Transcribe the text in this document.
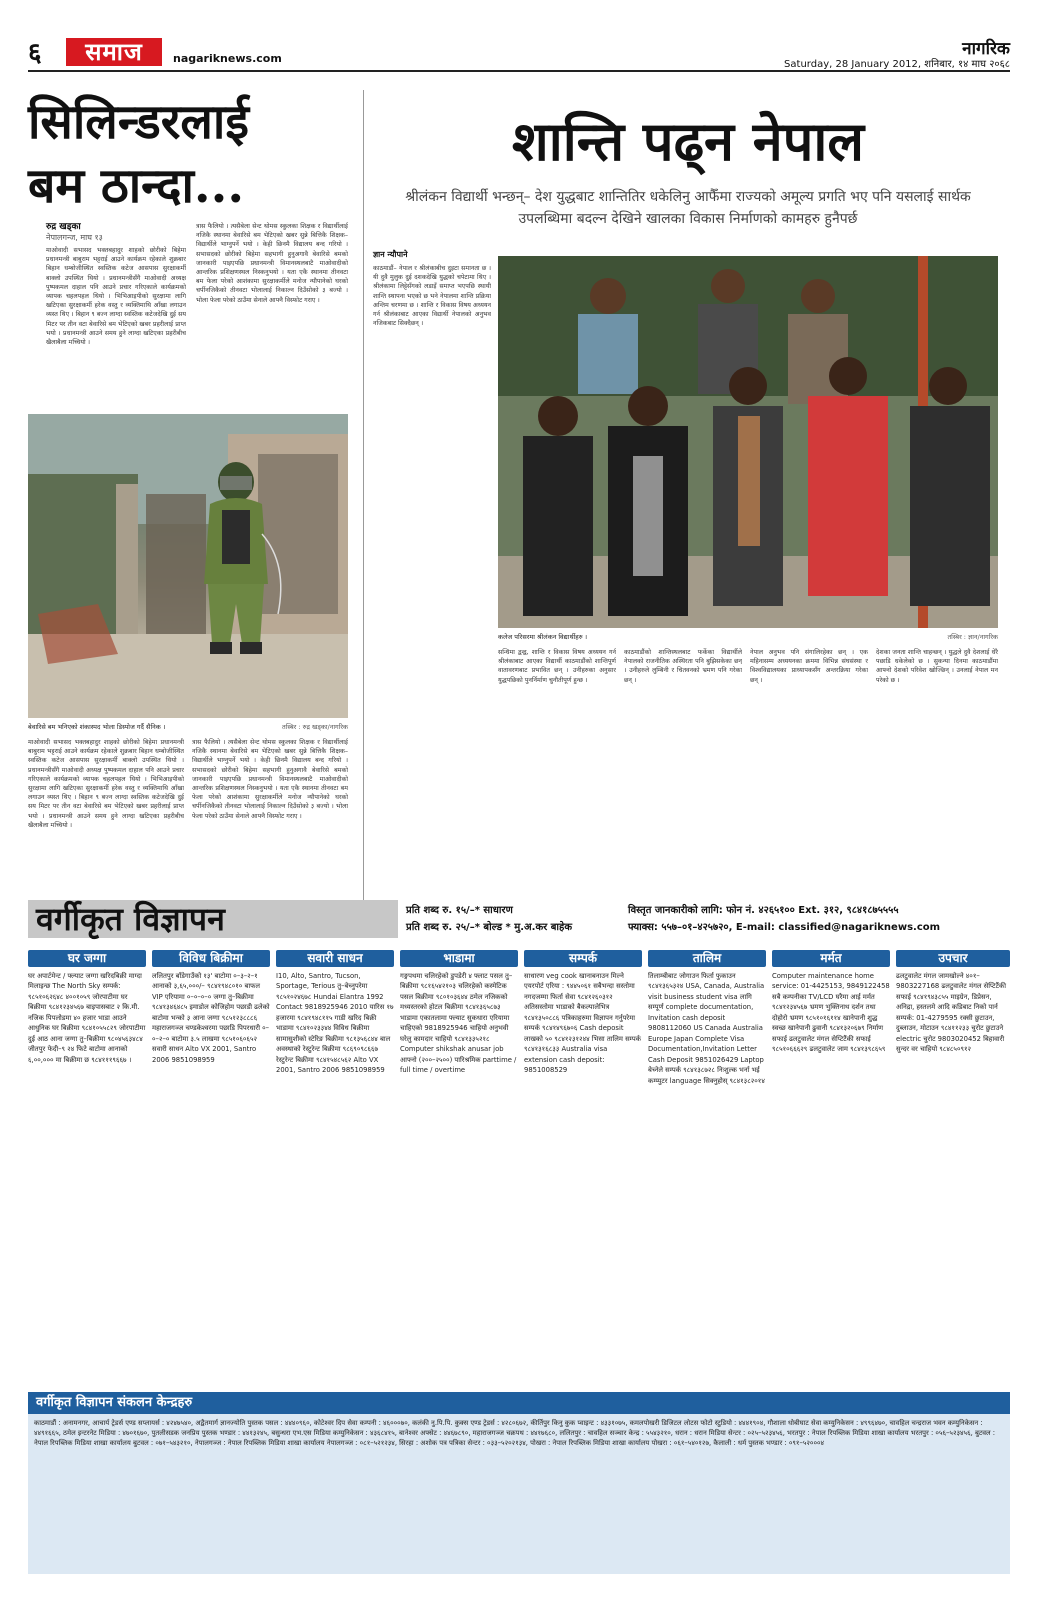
६	समाज	nagariknews.com	नागरिक
Saturday, 28 January 2012, शनिबार, १४ माघ २०६८
सिलिन्डरलाई
बम ठान्दा...
रुद्र खड्का
नेपालगन्ज, माघ १३
माओवादी सभासद भक्तबहादुर शाहको छोरीको बिहेमा प्रधानमन्त्री बाबुराम भट्टराई आउने कार्यक्रम रहेकाले शुक्रबार बिहान धम्बोजीस्थित स्वस्तिक कटेज आसपास सुरक्षाकर्मी बाक्लो उपस्थित थियो । प्रधानमन्त्रीसँगै माओवादी अध्यक्ष पुष्पकमल दाहाल पनि आउने प्रचार गरिएकाले कार्यक्रमको व्यापक चहलपहल थियो । भिभिआइपीको सुरक्षामा लागि खटिएका सुरक्षाकर्मी हरेक वस्तु र व्यक्तिमाथि आँखा लगाउन व्यस्त थिए । बिहान ९ बज्न लाग्दा स्वस्तिक कटेजदेखि दुई सय मिटर पर तीन वटा बेवारिसे बम भेटिएको खबर प्रहरीलाई प्राप्त भयो । प्रधानमन्त्री आउने समय हुने लाग्दा खटिएका प्रहरीबीच खैलाबैला मच्चियो ।
त्रास फैलियो । त्यसैबेला सेन्ट थोमस स्कुलका शिक्षक र विद्यार्थीलाई नजिकै स्थानमा बेवारिसे बम भेटिएको खबर सुन्ने बित्तिकै शिक्षक–विद्यार्थीले भाग्नुपर्ने भयो । केही छिनमै विद्यालय बन्द गरियो । सभासदको छोरीको बिहेमा सहभागी हुनुअगावै बेवारिसे बमको जानकारी पाइएपछि प्रधानमन्त्री विमानस्थलबाटै माओवादीको आन्तरिक प्रशिक्षणस्थल निस्कनुभयो । यता एकै स्थानमा तीनवटा बम फेला परेको आशंकामा सुरक्षाकर्मीले मनोज न्यौपानेको घरको चर्पीनजिकैको तीनवटा भोलालाई निकाल्न दिउँसोको ३ बज्यो । भोला फेला परेको ठाउँमा सेनाले आफ्नै विस्फोट गराए ।
बेवारिसे बम भनिएको शंकास्पद भोला डिस्पोज गर्दै सैनिक ।	तस्बिर : रुद्र खड्का/नागरिक
माओवादी सभासद भक्तबहादुर शाहको छोरीको बिहेमा प्रधानमन्त्री बाबुराम भट्टराई आउने कार्यक्रम रहेकाले शुक्रबार बिहान धम्बोजीस्थित स्वस्तिक कटेज आसपास सुरक्षाकर्मी बाक्लो उपस्थित थियो । प्रधानमन्त्रीसँगै माओवादी अध्यक्ष पुष्पकमल दाहाल पनि आउने प्रचार गरिएकाले कार्यक्रमको व्यापक चहलपहल थियो । भिभिआइपीको सुरक्षामा लागि खटिएका सुरक्षाकर्मी हरेक वस्तु र व्यक्तिमाथि आँखा लगाउन व्यस्त थिए । बिहान ९ बज्न लाग्दा स्वस्तिक कटेजदेखि दुई सय मिटर पर तीन वटा बेवारिसे बम भेटिएको खबर प्रहरीलाई प्राप्त भयो । प्रधानमन्त्री आउने समय हुने लाग्दा खटिएका प्रहरीबीच खैलाबैला मच्चियो ।
त्रास फैलियो । त्यसैबेला सेन्ट थोमस स्कुलका शिक्षक र विद्यार्थीलाई नजिकै स्थानमा बेवारिसे बम भेटिएको खबर सुन्ने बित्तिकै शिक्षक–विद्यार्थीले भाग्नुपर्ने भयो । केही छिनमै विद्यालय बन्द गरियो । सभासदको छोरीको बिहेमा सहभागी हुनुअगावै बेवारिसे बमको जानकारी पाइएपछि प्रधानमन्त्री विमानस्थलबाटै माओवादीको आन्तरिक प्रशिक्षणस्थल निस्कनुभयो । यता एकै स्थानमा तीनवटा बम फेला परेको आशंकामा सुरक्षाकर्मीले मनोज न्यौपानेको घरको चर्पीनजिकैको तीनवटा भोलालाई निकाल्न दिउँसोको ३ बज्यो । भोला फेला परेको ठाउँमा सेनाले आफ्नै विस्फोट गराए ।
शान्ति पढ्न नेपाल
श्रीलंकन विद्यार्थी भन्छन्– देश युद्धबाट शान्तितिर धकेलिनु आफैँमा राज्यको अमूल्य प्रगति भए पनि यसलाई सार्थक उपलब्धिमा बदल्न देखिने खालका विकास निर्माणको कामहरु हुनैपर्छ
ज्ञान न्यौपाने
काठमाडौं– नेपाल र श्रीलंकाबीच दुइटा समानता छ । यी दुवै मुलुक दुई दशकदेखि युद्धको चपेटामा थिए । श्रीलंकामा लिट्टेसँगको लडाइँ समाप्त भएपछि स्थायी शान्ति स्थापना भएको छ भने नेपालमा शान्ति प्रक्रिया अन्तिम चरणमा छ । शान्ति र विकास विषय अध्ययन गर्न श्रीलंकाबाट आएका विद्यार्थी नेपालको अनुभव नजिकबाट सिक्दैछन् ।
कलेज परिसरमा श्रीलंकन विद्यार्थीहरु ।	तस्बिर : ज्ञान/नागरिक
सन्धिमा द्वन्द्व, शान्ति र विकास विषय अध्ययन गर्न श्रीलंकाबाट आएका विद्यार्थी काठमाडौंको शान्तिपूर्ण वातावरणबाट प्रभावित छन् । उनीहरुका अनुसार युद्धपछिको पुनर्निर्माण चुनौतीपूर्ण हुन्छ ।
काठमाडौंको शान्तिस्थलबाट फर्केका विद्यार्थीले नेपालको राजनीतिक अस्थिरता पनि बुझिसकेका छन् । उनीहरुले लुम्बिनी र चितवनको भ्रमण पनि गरेका छन् ।
नेपाल अनुभव पनि संगालिरहेका छन् । एक महिनासम्म अध्ययनका क्रममा विभिन्न संघसंस्था र विश्वविद्यालयका प्राध्यापकसँग अन्तरक्रिया गरेका छन् ।
देशका जनता शान्ति चाहन्छन् । युद्धले दुवै देशलाई धेरै पछाडि धकेलेको छ । सुकन्या दिनमा काठमाडौंमा आफ्नो देशको परिवेश खोज्छिन् । उनलाई नेपाल मन परेको छ ।
वर्गीकृत विज्ञापन	प्रति शब्द रु. १५/–* साधारण
प्रति शब्द रु. २५/–* बोल्ड * मु.अ.कर बाहेक
विस्तृत जानकारीको लागि: फोन नं. ४२६५१०० Ext. ३१२, ९८४१८७५५५५
फ्याक्स: ५५७–०१–४२५७२०, E-mail: classified@nagariknews.com
घर जग्गा
घर अपार्टमेन्ट / फ्ल्याट जग्गा खरिदबिक्री माग्दा मिलाइन्छ The North Sky सम्पर्क: ९८५१०६२६४८ ४००१०५९ जोरपाटीमा घर बिक्रीमा ९८४१२३४५६७ बाइपासबाट २ कि.मी. नजिक पिपलोडमा ४० हजार भाडा आउने आधुनिक घर बिक्रीमा ९८४१०५५८२९ जोरपाटीमा दुई आठ आना जग्गा तु–बिक्रीमा ९८०४५६३४८४ जीतपुर फेदी–९ २४ फिटे बाटोमा आनाको ६,००,००० मा बिक्रीमा छ ९८४१११९६६७ ।
विविध बिक्रीमा
ललितपुर बाँडेगाउँको १३' बाटोमा ०–३–२–१ आनाको ३,६५,०००/– ९८४१९४८०१० बाफल VIP एरियामा ०–०–०–० जग्गा तु–बिक्रीमा ९८४१३४६४८५ इमाडोल कोजिहोम पछाडी ढलेको बाटोमा भन्को ३ आना जग्गा ९८५१२३८८८६ महाराजगञ्ज चण्डकेश्वरमा पछाडि पिपरधारी ०–०–२–० बाटोमा ३.५ लाखमा ९८५१०६०६५२ सवारी साधन Alto VX 2001, Santro 2006 9851098959
सवारी साधन
I10, Alto, Santro, Tucson, Sportage, Terious तु–बेच्नुपरेमा ९८५१०२४६७८ Hundai Elantra 1992 Contact 9818925946 2010 यारिस १७ हजारमा ९८४१९४८११५ गाडी खरिद बिक्री भाडामा ९८४१०२३३४४ विविध बिक्रीमा सामासुशीको स्टेरिङ बिक्रीमा ९८१३५६८४४ बाल अवस्थाको रेस्टुरेन्ट बिक्रीमा ९८६९०९८६६७ रेस्टुरेन्ट बिक्रीमा ९८४१५४८५६२ Alto VX 2001, Santro 2006 9851098959
भाडामा
गङ्गपथमा चलिरहेको डुपडेरी ४ फ्लाट पसल तु–बिक्रीमा ९८१६५४२१०३ चलिरहेको कस्मेटिक पसल बिक्रीमा ९८०१०३६४४ ठमेल नजिकको मध्यस्तरको होटल बिक्रीमा ९८४१३६५८७३ भाडामा एकातलामा फ्ल्याट सुकधारा एरियामा चाहिएको 9818925946 चाहियो अनुभवी घरेलु कामदार चाहियो ९८४१३३५२१८ Computer shikshak anusar job आफ्नो (२००–२५००) पारिश्रमिक parttime / full time / overtime
सम्पर्क
साधारण veg cook खानाबनाउन मिल्ने एयरपोर्ट एरिया : ९४४५०६१ सबैभन्दा सस्तोमा नगदजम्मा फिर्ता सेवा ९८४१२६०३१२ अतिसस्तोमा भाडाको बैकल्पालेभित्र ९८४१३५०८८६ पत्रिकाहरुमा विज्ञापन गर्नुपरेमा सम्पर्क ९८४१४९६७०६ Cash deposit लाखको ५० ९८४१२३१२४४ भिसा तालिम सम्पर्क ९८४१३१६८३३ Australia visa extension cash deposit: 9851008529
तालिम
तिलाम्बीबाट जोगाउन फिर्ता फुकाउन ९८४१३६५३२४ USA, Canada, Australia visit business student visa लागि सम्पूर्ण complete documentation, Invitation cash deposit 9808112060 US Canada Australia Europe Japan Complete Visa Documentation,Invitation Letter Cash Deposit 9851026429 Laptop बेच्नेले सम्पर्क ९८४१३८७२८ निःशुल्क भर्ना भई कम्प्युटर language सिक्नुहोस् ९८४१३८२०१४
मर्मत
Computer maintenance home service: 01-4425153, 9849122458 सबै कम्पनीका TV/LCD घरैमा आई मर्मत ९८४१२३४५६७ भ्रमण भुक्तिनाथ दर्शन तथा दोहोरो भ्रमण ९८५१०१६११४ खानेपानी शुद्ध स्वच्छ खानेपानी ढुवानी ९८४१३२०६७९ निर्माण सफाई ढलटुवालेट मंगल सेप्टिटैंकी सफाई ९८५१०६६६२९ ढलटुवालेट जाम ९८४१३९८६५९
उपचार
ढलटुवालेट मंगल जामखोल्ने ४०१– 9803227168 ढलटुवालेट मंगल सेप्टिटैंकी सफाई ९८४१९४३८५५ माइग्रेन, डिप्रेसन, अनिद्रा, हस्तलमे आदि कडिबाट निको पार्न सम्पर्क: 01-4279595 रक्सी छुटाउन, दुब्लाउन, मोटाउन ९८४११२३३ चुरोट छुटाउने electric चुरोट 9803020452 बिहावारी सुन्दर वर चाहियो ९८४८५०९१२
वर्गीकृत विज्ञापन संकलन केन्द्रहरु
काठमाडौं : अनामनगर, आचार्य ट्रेडर्स एण्ड सप्लायर्स : ४२४७५४०, अद्वैतमार्ग ज्ञानज्योति पुस्तक पसल : ४४४०९६०, कोटेश्वर दिप सेवा कम्पनी : ४६०००७०, कलंकी नु.पि.पि. कुक्स एण्ड ट्रेडर्स : ४२८०६७२, कीर्तिपुर किनु कुक प्वाइन्ट : ४३३१०७५, कमलपोखरी डिजिटल लोटस फोटो स्टुडियो : ४४४१९०४, गौशाला धोबीघाट सेवा कम्युनिकेसन : ४९९६४७०, चावहिल चन्द्रराज भवन कम्युनिकेसन : ४४९१६६५, ठमेल इन्टरनेट मिडिया : ४७०१६७०, पुतलीसडक जनप्रिय पुस्तक भण्डार : ४४१३२४५, बसुन्धरा एभ.एस मिडिया कम्युनिकेसन : ४३६८४१५, बानेश्वर अफ्सेट : ४४६७८९०, महाराजगञ्ज चक्रपथ : ४४१७६८०, ललितपुर : चावहिल सञ्चार केन्द्र : ५५४३२१०, धरान : धरान मिडिया सेन्टर : ०२५–५२३४५६, भरतपुर : नेपाल रिपब्लिक मिडिया शाखा कार्यालय भरतपुर : ०५६–५२३४५६, बुटवल : नेपाल रिपब्लिक मिडिया शाखा कार्यालय बुटवल : ०७१–५४३२१०, नेपालगञ्ज : नेपाल रिपब्लिक मिडिया शाखा कार्यालय नेपालगञ्ज : ०८१–५२१२३४, सिरहा : अशोक पत्र पत्रिका सेन्टर : ०३३–५२०२१३४, पोखरा : नेपाल रिपब्लिक मिडिया शाखा कार्यालय पोखरा : ०६१–५४०१२७, कैलाली : धर्म पुस्तक भण्डार : ०९१–५२०००४
